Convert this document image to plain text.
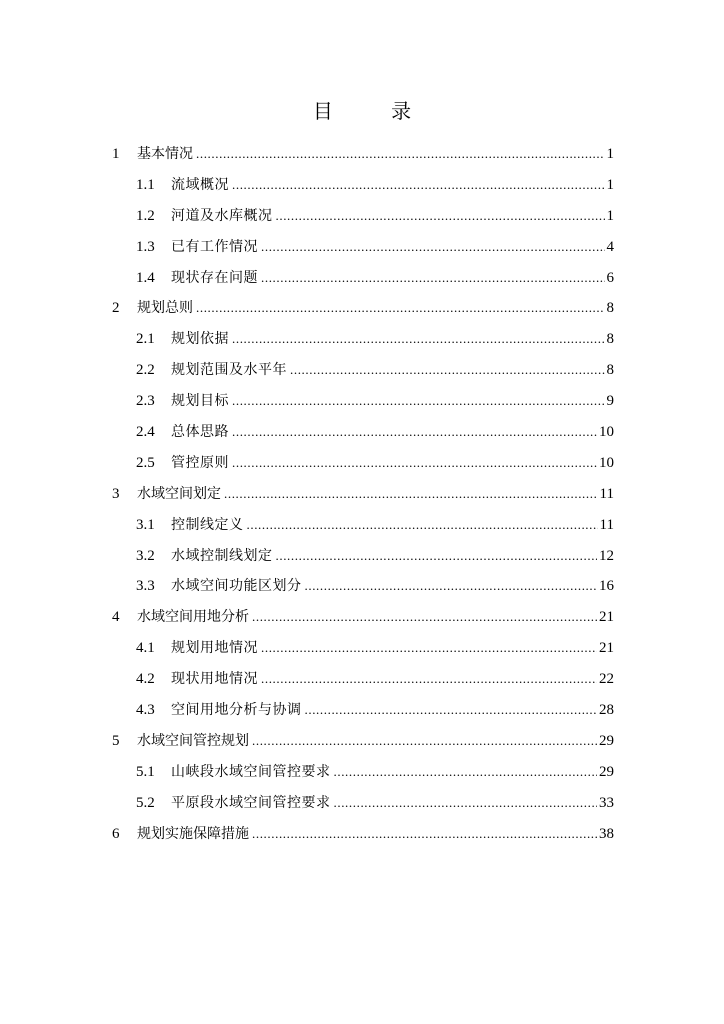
目 录
1	基本情况 .....	1
1.1	流域概况 .....	1
1.2	河道及水库概况 .....	1
1.3	已有工作情况 .....	4
1.4	现状存在问题 .....	6
2	规划总则 .....	8
2.1	规划依据 .....	8
2.2	规划范围及水平年 .....	8
2.3	规划目标 .....	9
2.4	总体思路 .....	10
2.5	管控原则 .....	10
3	水域空间划定 .....	11
3.1	控制线定义 .....	11
3.2	水域控制线划定 .....	12
3.3	水域空间功能区划分 .....	16
4	水域空间用地分析 .....	21
4.1	规划用地情况 .....	21
4.2	现状用地情况 .....	22
4.3	空间用地分析与协调 .....	28
5	水域空间管控规划 .....	29
5.1	山峡段水域空间管控要求 .....	29
5.2	平原段水域空间管控要求 .....	33
6	规划实施保障措施 .....	38
